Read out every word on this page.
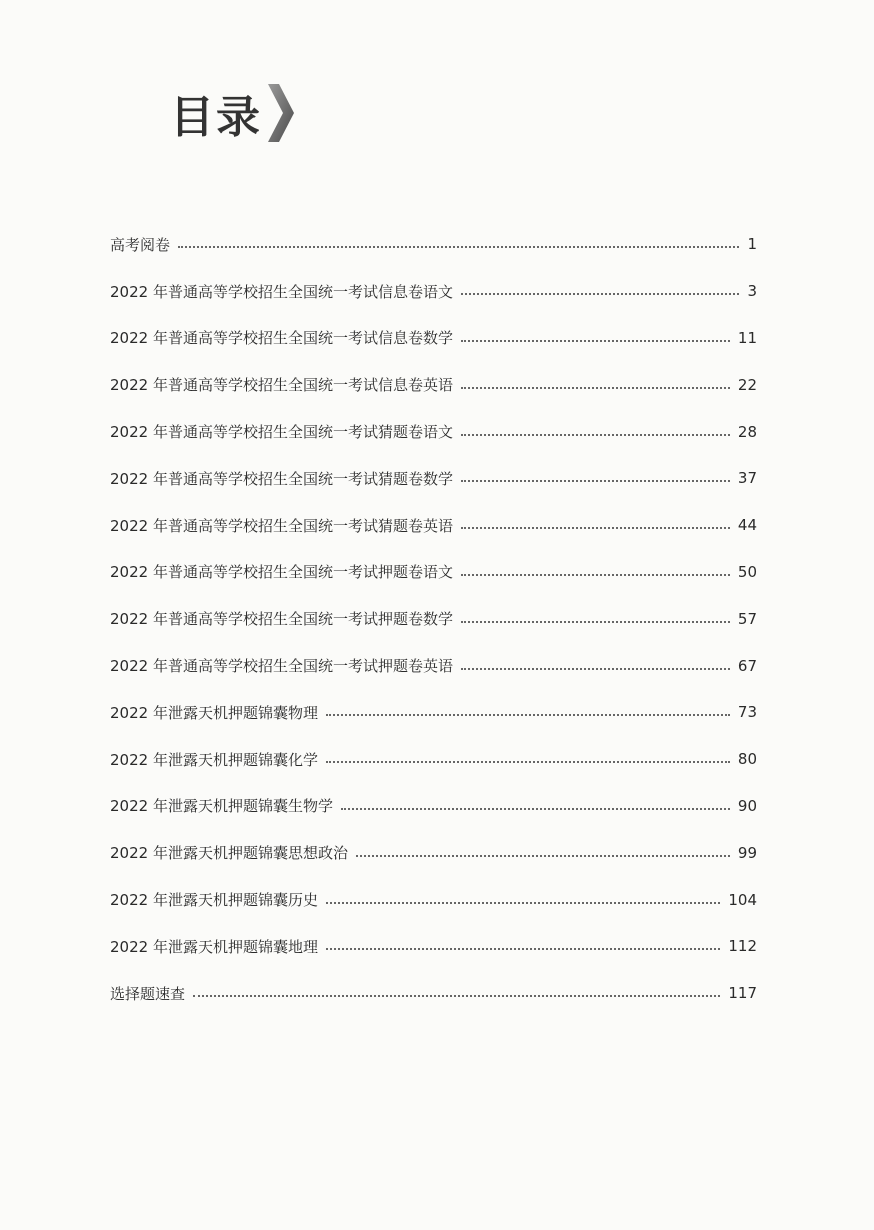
目录
高考阅卷	1
2022 年普通高等学校招生全国统一考试信息卷语文	3
2022 年普通高等学校招生全国统一考试信息卷数学	11
2022 年普通高等学校招生全国统一考试信息卷英语	22
2022 年普通高等学校招生全国统一考试猜题卷语文	28
2022 年普通高等学校招生全国统一考试猜题卷数学	37
2022 年普通高等学校招生全国统一考试猜题卷英语	44
2022 年普通高等学校招生全国统一考试押题卷语文	50
2022 年普通高等学校招生全国统一考试押题卷数学	57
2022 年普通高等学校招生全国统一考试押题卷英语	67
2022 年泄露天机押题锦囊物理	73
2022 年泄露天机押题锦囊化学	80
2022 年泄露天机押题锦囊生物学	90
2022 年泄露天机押题锦囊思想政治	99
2022 年泄露天机押题锦囊历史	104
2022 年泄露天机押题锦囊地理	112
选择题速查	117
